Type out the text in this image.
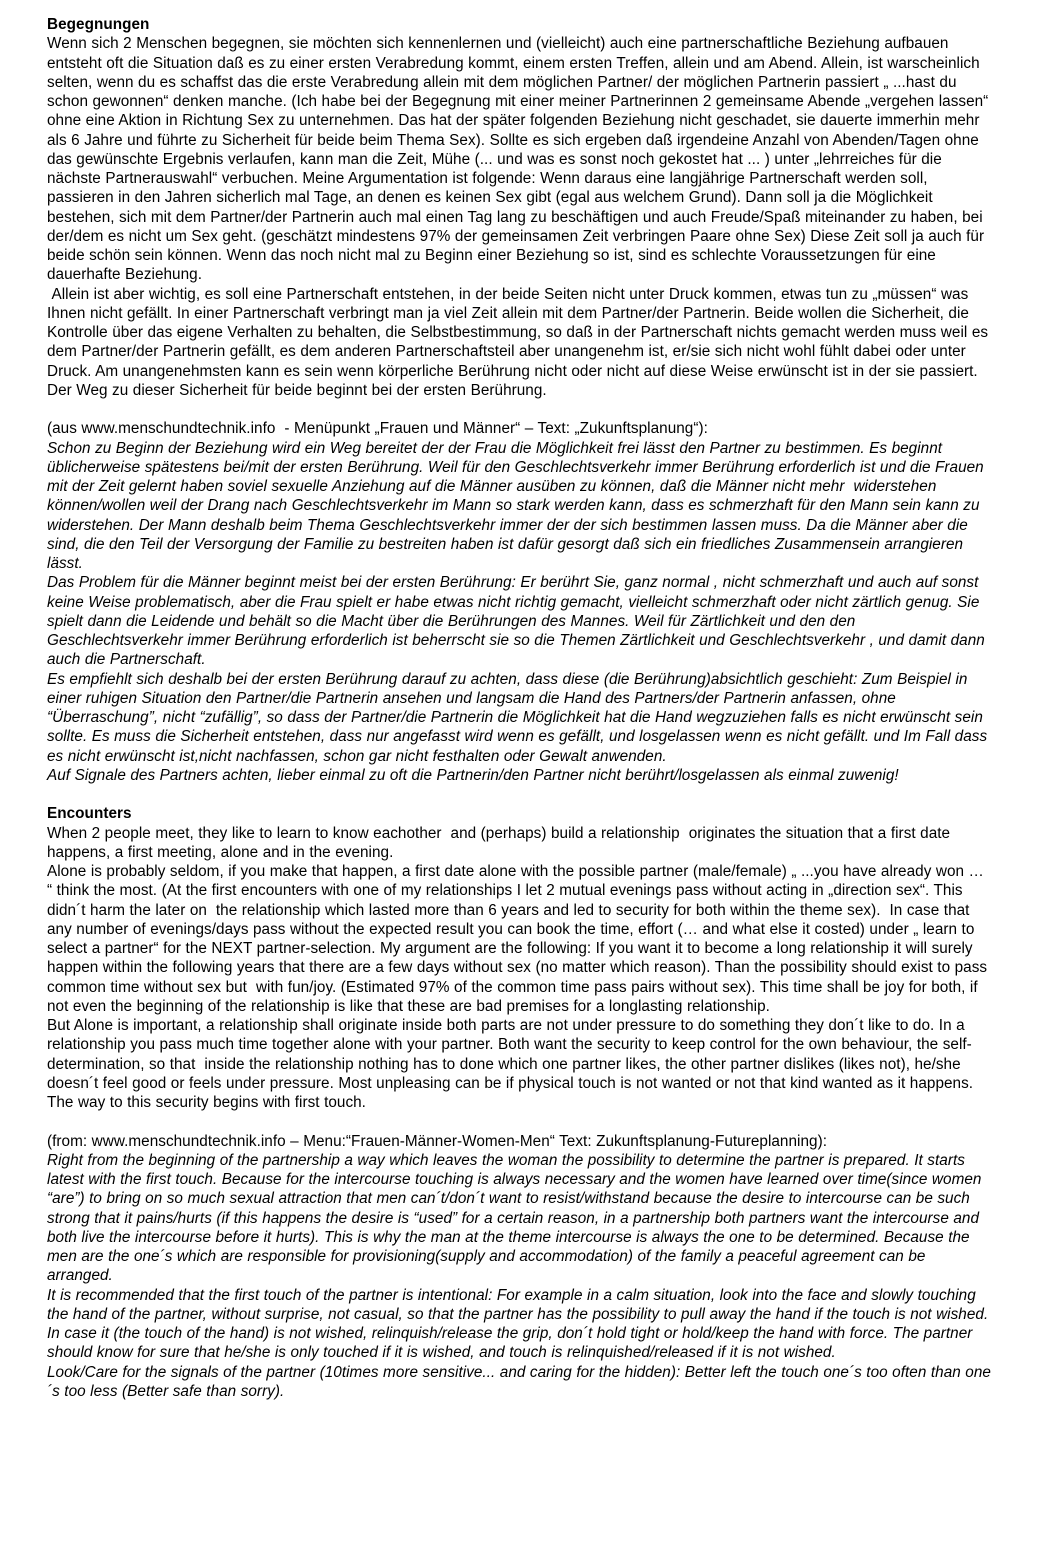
Begegnungen

Wenn sich 2 Menschen begegnen, sie möchten sich kennenlernen und (vielleicht) auch eine partnerschaftliche Beziehung aufbauen entsteht oft die Situation daß es zu einer ersten Verabredung kommt, einem ersten Treffen, allein und am Abend. Allein, ist warscheinlich selten, wenn du es schaffst das die erste Verabredung allein mit dem möglichen Partner/ der möglichen Partnerin passiert „ ...hast du schon gewonnen“ denken manche. (Ich habe bei der Begegnung mit einer meiner Partnerinnen 2 gemeinsame Abende „vergehen lassen“ ohne eine Aktion in Richtung Sex zu unternehmen. Das hat der später folgenden Beziehung nicht geschadet, sie dauerte immerhin mehr als 6 Jahre und führte zu Sicherheit für beide beim Thema Sex). Sollte es sich ergeben daß irgendeine Anzahl von Abenden/Tagen ohne das gewünschte Ergebnis verlaufen, kann man die Zeit, Mühe (... und was es sonst noch gekostet hat ... ) unter „lehrreiches für die nächste Partnerauswahl“ verbuchen. Meine Argumentation ist folgende: Wenn daraus eine langjährige Partnerschaft werden soll, passieren in den Jahren sicherlich mal Tage, an denen es keinen Sex gibt (egal aus welchem Grund). Dann soll ja die Möglichkeit bestehen, sich mit dem Partner/der Partnerin auch mal einen Tag lang zu beschäftigen und auch Freude/Spaß miteinander zu haben, bei der/dem es nicht um Sex geht. (geschätzt mindestens 97% der gemeinsamen Zeit verbringen Paare ohne Sex) Diese Zeit soll ja auch für beide schön sein können. Wenn das noch nicht mal zu Beginn einer Beziehung so ist, sind es schlechte Voraussetzungen für eine dauerhafte Beziehung.

Allein ist aber wichtig, es soll eine Partnerschaft entstehen, in der beide Seiten nicht unter Druck kommen, etwas tun zu „müssen“ was Ihnen nicht gefällt. In einer Partnerschaft verbringt man ja viel Zeit allein mit dem Partner/der Partnerin. Beide wollen die Sicherheit, die Kontrolle über das eigene Verhalten zu behalten, die Selbstbestimmung, so daß in der Partnerschaft nichts gemacht werden muss weil es dem Partner/der Partnerin gefällt, es dem anderen Partnerschaftsteil aber unangenehm ist, er/sie sich nicht wohl fühlt dabei oder unter Druck. Am unangenehmsten kann es sein wenn körperliche Berührung nicht oder nicht auf diese Weise erwünscht ist in der sie passiert. Der Weg zu dieser Sicherheit für beide beginnt bei der ersten Berührung.

(aus www.menschundtechnik.info  - Menüpunkt „Frauen und Männer“ – Text: „Zukunftsplanung“):

Schon zu Beginn der Beziehung wird ein Weg bereitet der der Frau die Möglichkeit frei lässt den Partner zu bestimmen. Es beginnt üblicherweise spätestens bei/mit der ersten Berührung. Weil für den Geschlechtsverkehr immer Berührung erforderlich ist und die Frauen mit der Zeit gelernt haben soviel sexuelle Anziehung auf die Männer ausüben zu können, daß die Männer nicht mehr  widerstehen können/wollen weil der Drang nach Geschlechtsverkehr im Mann so stark werden kann, dass es schmerzhaft für den Mann sein kann zu widerstehen. Der Mann deshalb beim Thema Geschlechtsverkehr immer der der sich bestimmen lassen muss. Da die Männer aber die sind, die den Teil der Versorgung der Familie zu bestreiten haben ist dafür gesorgt daß sich ein friedliches Zusammensein arrangieren lässt.

Das Problem für die Männer beginnt meist bei der ersten Berührung: Er berührt Sie, ganz normal , nicht schmerzhaft und auch auf sonst keine Weise problematisch, aber die Frau spielt er habe etwas nicht richtig gemacht, vielleicht schmerzhaft oder nicht zärtlich genug. Sie spielt dann die Leidende und behält so die Macht über die Berührungen des Mannes. Weil für Zärtlichkeit und den den Geschlechtsverkehr immer Berührung erforderlich ist beherrscht sie so die Themen Zärtlichkeit und Geschlechtsverkehr , und damit dann auch die Partnerschaft.

Es empfiehlt sich deshalb bei der ersten Berührung darauf zu achten, dass diese (die Berührung)absichtlich geschieht: Zum Beispiel in einer ruhigen Situation den Partner/die Partnerin ansehen und langsam die Hand des Partners/der Partnerin anfassen, ohne “Überraschung”, nicht “zufällig”, so dass der Partner/die Partnerin die Möglichkeit hat die Hand wegzuziehen falls es nicht erwünscht sein sollte. Es muss die Sicherheit entstehen, dass nur angefasst wird wenn es gefällt, und losgelassen wenn es nicht gefällt. und Im Fall dass es nicht erwünscht ist,nicht nachfassen, schon gar nicht festhalten oder Gewalt anwenden.

Auf Signale des Partners achten, lieber einmal zu oft die Partnerin/den Partner nicht berührt/losgelassen als einmal zuwenig!

Encounters

When 2 people meet, they like to learn to know eachother  and (perhaps) build a relationship  originates the situation that a first date happens, a first meeting, alone and in the evening.

Alone is probably seldom, if you make that happen, a first date alone with the possible partner (male/female) „ ...you have already won … “ think the most. (At the first encounters with one of my relationships I let 2 mutual evenings pass without acting in „direction sex“. This didn´t harm the later on  the relationship which lasted more than 6 years and led to security for both within the theme sex).  In case that any number of evenings/days pass without the expected result you can book the time, effort (… and what else it costed) under „ learn to select a partner“ for the NEXT partner-selection. My argument are the following: If you want it to become a long relationship it will surely happen within the following years that there are a few days without sex (no matter which reason). Than the possibility should exist to pass common time without sex but  with fun/joy. (Estimated 97% of the common time pass pairs without sex). This time shall be joy for both, if not even the beginning of the relationship is like that these are bad premises for a longlasting relationship.

But Alone is important, a relationship shall originate inside both parts are not under pressure to do something they don´t like to do. In a relationship you pass much time together alone with your partner. Both want the security to keep control for the own behaviour, the self-determination, so that  inside the relationship nothing has to done which one partner likes, the other partner dislikes (likes not), he/she doesn´t feel good or feels under pressure. Most unpleasing can be if physical touch is not wanted or not that kind wanted as it happens. The way to this security begins with first touch.

(from: www.menschundtechnik.info – Menu:“Frauen-Männer-Women-Men“ Text: Zukunftsplanung-Futureplanning):

Right from the beginning of the partnership a way which leaves the woman the possibility to determine the partner is prepared. It starts latest with the first touch. Because for the intercourse touching is always necessary and the women have learned over time(since women “are”) to bring on so much sexual attraction that men can´t/don´t want to resist/withstand because the desire to intercourse can be such strong that it pains/hurts (if this happens the desire is “used” for a certain reason, in a partnership both partners want the intercourse and both live the intercourse before it hurts). This is why the man at the theme intercourse is always the one to be determined. Because the men are the one´s which are responsible for provisioning(supply and accommodation) of the family a peaceful agreement can be arranged.

It is recommended that the first touch of the partner is intentional: For example in a calm situation, look into the face and slowly touching the hand of the partner, without surprise, not casual, so that the partner has the possibility to pull away the hand if the touch is not wished. In case it (the touch of the hand) is not wished, relinquish/release the grip, don´t hold tight or hold/keep the hand with force. The partner should know for sure that he/she is only touched if it is wished, and touch is relinquished/released if it is not wished.

Look/Care for the signals of the partner (10times more sensitive... and caring for the hidden): Better left the touch one´s too often than one´s too less (Better safe than sorry).
